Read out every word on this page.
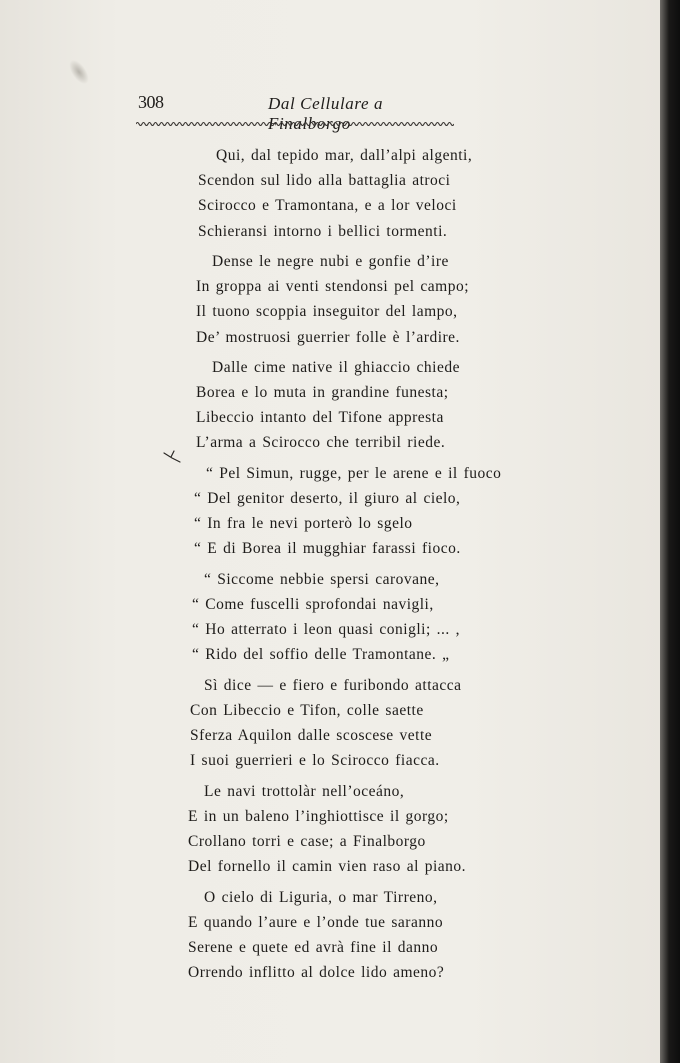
308	Dal Cellulare a Finalborgo
Qui, dal tepido mar, dall’alpi algenti,
Scendon sul lido alla battaglia atroci
Scirocco e Tramontana, e a lor veloci
Schieransi intorno i bellici tormenti.
Dense le negre nubi e gonfie d’ire
In groppa ai venti stendonsi pel campo;
Il tuono scoppia inseguitor del lampo,
De’ mostruosi guerrier folle è l’ardire.
Dalle cime native il ghiaccio chiede
Borea e lo muta in grandine funesta;
Libeccio intanto del Tifone appresta
L’arma a Scirocco che terribil riede.
“ Pel Simun, rugge, per le arene e il fuoco
“ Del genitor deserto, il giuro al cielo,
“ In fra le nevi porterò lo sgelo
“ E di Borea il mugghiar farassi fioco.
“ Siccome nebbie spersi carovane,
“ Come fuscelli sprofondai navigli,
“ Ho atterrato i leon quasi conigli; ... ,
“ Rido del soffio delle Tramontane. „
Sì dice — e fiero e furibondo attacca
Con Libeccio e Tifon, colle saette
Sferza Aquilon dalle scoscese vette
I suoi guerrieri e lo Scirocco fiacca.
Le navi trottolàr nell’oceáno,
E in un baleno l’inghiottisce il gorgo;
Crollano torri e case; a Finalborgo
Del fornello il camin vien raso al piano.
O cielo di Liguria, o mar Tirreno,
E quando l’aure e l’onde tue saranno
Serene e quete ed avrà fine il danno
Orrendo inflitto al dolce lido ameno?
